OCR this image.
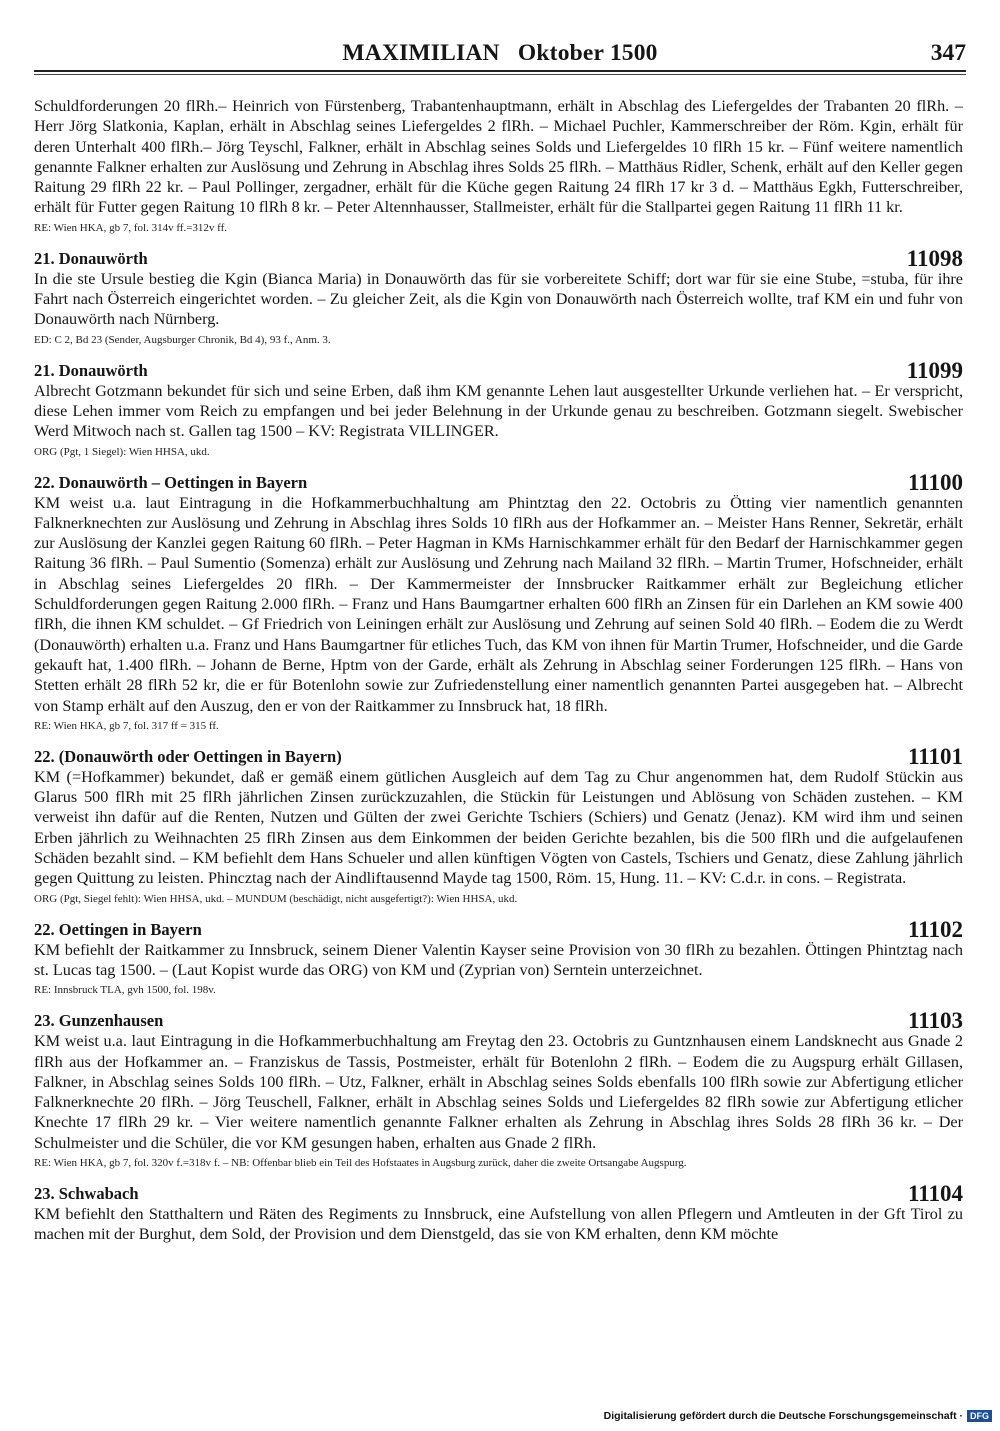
MAXIMILIAN   Oktober 1500	347

Schuldforderungen 20 flRh.– Heinrich von Fürstenberg, Trabantenhauptmann, erhält in Abschlag des Liefergeldes der Trabanten 20 flRh. – Herr Jörg Slatkonia, Kaplan, erhält in Abschlag seines Liefergeldes 2 flRh. – Michael Puchler, Kammerschreiber der Röm. Kgin, erhält für deren Unterhalt 400 flRh.– Jörg Teyschl, Falkner, erhält in Abschlag seines Solds und Liefergeldes 10 flRh 15 kr. – Fünf weitere namentlich genannte Falkner erhalten zur Auslösung und Zehrung in Abschlag ihres Solds 25 flRh. – Matthäus Ridler, Schenk, erhält auf den Keller gegen Raitung 29 flRh 22 kr. – Paul Pollinger, zergadner, erhält für die Küche gegen Raitung 24 flRh 17 kr 3 d. – Matthäus Egkh, Futterschreiber, erhält für Futter gegen Raitung 10 flRh 8 kr. – Peter Altennhausser, Stallmeister, erhält für die Stallpartei gegen Raitung 11 flRh 11 kr.

RE: Wien HKA, gb 7, fol. 314v ff.=312v ff.

21. Donauwörth	11098

In die ste Ursule bestieg die Kgin (Bianca Maria) in Donauwörth das für sie vorbereitete Schiff; dort war für sie eine Stube, =stuba, für ihre Fahrt nach Österreich eingerichtet worden. – Zu gleicher Zeit, als die Kgin von Donauwörth nach Österreich wollte, traf KM ein und fuhr von Donauwörth nach Nürnberg.

ED: C 2, Bd 23 (Sender, Augsburger Chronik, Bd 4), 93 f., Anm. 3.

21. Donauwörth	11099

Albrecht Gotzmann bekundet für sich und seine Erben, daß ihm KM genannte Lehen laut ausgestellter Urkunde verliehen hat. – Er verspricht, diese Lehen immer vom Reich zu empfangen und bei jeder Belehnung in der Urkunde genau zu beschreiben. Gotzmann siegelt. Swebischer Werd Mitwoch nach st. Gallen tag 1500 – KV: Registrata VILLINGER.

ORG (Pgt, 1 Siegel): Wien HHSA, ukd.

22. Donauwörth – Oettingen in Bayern	11100

KM weist u.a. laut Eintragung in die Hofkammerbuchhaltung am Phintztag den 22. Octobris zu Ötting vier namentlich genannten Falknerknechten zur Auslösung und Zehrung in Abschlag ihres Solds 10 flRh aus der Hofkammer an. – Meister Hans Renner, Sekretär, erhält zur Auslösung der Kanzlei gegen Raitung 60 flRh. – Peter Hagman in KMs Harnischkammer erhält für den Bedarf der Harnischkammer gegen Raitung 36 flRh. – Paul Sumentio (Somenza) erhält zur Auslösung und Zehrung nach Mailand 32 flRh. – Martin Trumer, Hofschneider, erhält in Abschlag seines Liefergeldes 20 flRh. – Der Kammermeister der Innsbrucker Raitkammer erhält zur Begleichung etlicher Schuldforderungen gegen Raitung 2.000 flRh. – Franz und Hans Baumgartner erhalten 600 flRh an Zinsen für ein Darlehen an KM sowie 400 flRh, die ihnen KM schuldet. – Gf Friedrich von Leiningen erhält zur Auslösung und Zehrung auf seinen Sold 40 flRh. – Eodem die zu Werdt (Donauwörth) erhalten u.a. Franz und Hans Baumgartner für etliches Tuch, das KM von ihnen für Martin Trumer, Hofschneider, und die Garde gekauft hat, 1.400 flRh. – Johann de Berne, Hptm von der Garde, erhält als Zehrung in Abschlag seiner Forderungen 125 flRh. – Hans von Stetten erhält 28 flRh 52 kr, die er für Botenlohn sowie zur Zufriedenstellung einer namentlich genannten Partei ausgegeben hat. – Albrecht von Stamp erhält auf den Auszug, den er von der Raitkammer zu Innsbruck hat, 18 flRh.

RE: Wien HKA, gb 7, fol. 317 ff = 315 ff.

22. (Donauwörth oder Oettingen in Bayern)	11101

KM (=Hofkammer) bekundet, daß er gemäß einem gütlichen Ausgleich auf dem Tag zu Chur angenommen hat, dem Rudolf Stückin aus Glarus 500 flRh mit 25 flRh jährlichen Zinsen zurückzuzahlen, die Stückin für Leistungen und Ablösung von Schäden zustehen. – KM verweist ihn dafür auf die Renten, Nutzen und Gülten der zwei Gerichte Tschiers (Schiers) und Genatz (Jenaz). KM wird ihm und seinen Erben jährlich zu Weihnachten 25 flRh Zinsen aus dem Einkommen der beiden Gerichte bezahlen, bis die 500 flRh und die aufgelaufenen Schäden bezahlt sind. – KM befiehlt dem Hans Schueler und allen künftigen Vögten von Castels, Tschiers und Genatz, diese Zahlung jährlich gegen Quittung zu leisten. Phincztag nach der Aindliftausennd Mayde tag 1500, Röm. 15, Hung. 11. – KV: C.d.r. in cons. – Registrata.

ORG (Pgt, Siegel fehlt): Wien HHSA, ukd. – MUNDUM (beschädigt, nicht ausgefertigt?): Wien HHSA, ukd.

22. Oettingen in Bayern	11102

KM befiehlt der Raitkammer zu Innsbruck, seinem Diener Valentin Kayser seine Provision von 30 flRh zu bezahlen. Öttingen Phintztag nach st. Lucas tag 1500. – (Laut Kopist wurde das ORG) von KM und (Zyprian von) Serntein unterzeichnet.

RE: Innsbruck TLA, gvh 1500, fol. 198v.

23. Gunzenhausen	11103

KM weist u.a. laut Eintragung in die Hofkammerbuchhaltung am Freytag den 23. Octobris zu Guntznhausen einem Landsknecht aus Gnade 2 flRh aus der Hofkammer an. – Franziskus de Tassis, Postmeister, erhält für Botenlohn 2 flRh. – Eodem die zu Augspurg erhält Gillasen, Falkner, in Abschlag seines Solds 100 flRh. – Utz, Falkner, erhält in Abschlag seines Solds ebenfalls 100 flRh sowie zur Abfertigung etlicher Falknerknechte 20 flRh. – Jörg Teuschell, Falkner, erhält in Abschlag seines Solds und Liefergeldes 82 flRh sowie zur Abfertigung etlicher Knechte 17 flRh 29 kr. – Vier weitere namentlich genannte Falkner erhalten als Zehrung in Abschlag ihres Solds 28 flRh 36 kr. – Der Schulmeister und die Schüler, die vor KM gesungen haben, erhalten aus Gnade 2 flRh.

RE: Wien HKA, gb 7, fol. 320v f.=318v f. – NB: Offenbar blieb ein Teil des Hofstaates in Augsburg zurück, daher die zweite Ortsangabe Augspurg.

23. Schwabach	11104

KM befiehlt den Statthaltern und Räten des Regiments zu Innsbruck, eine Aufstellung von allen Pflegern und Amtleuten in der Gft Tirol zu machen mit der Burghut, dem Sold, der Provision und dem Dienstgeld, das sie von KM erhalten, denn KM möchte

Digitalisierung gefördert durch die Deutsche Forschungsgemeinschaft · DFG
